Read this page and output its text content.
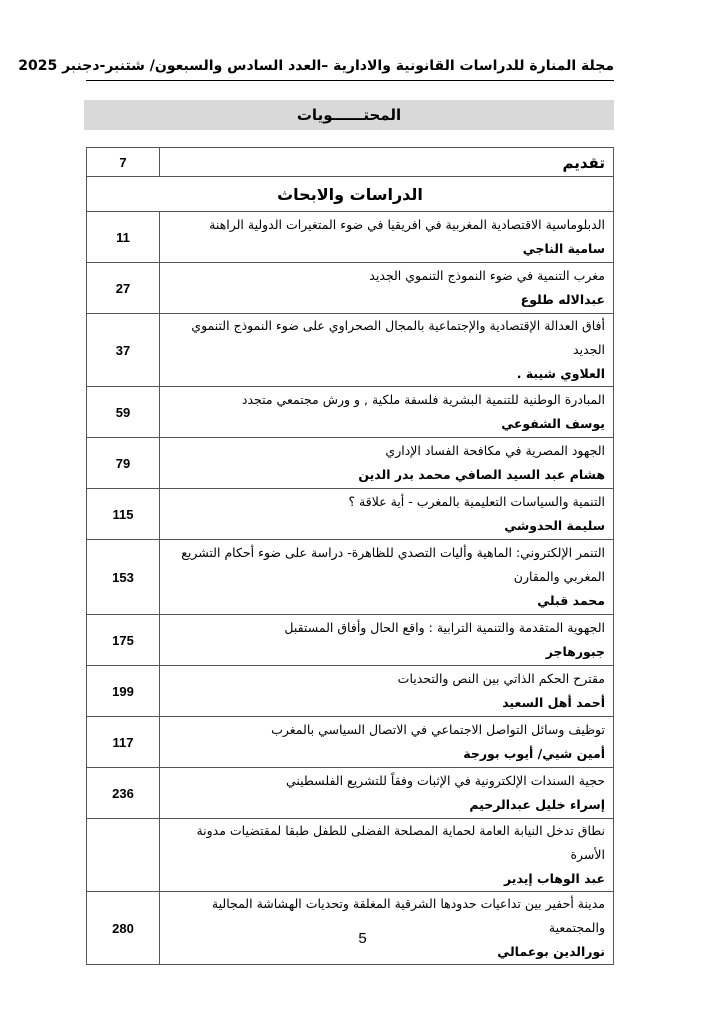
مجلة المنارة للدراسات القانونية والادارية –العدد السادس والسبعون/ شتنبر-دجنبر 2025
المحتــــــويات
تقديم	7
الدراسات والابحاث	

الدبلوماسية الاقتصادية المغربية في افريقيا في ضوء المتغيرات الدولية الراهنة
سامية الناجي	11

مغرب التنمية في ضوء النموذج التنموي الجديد
عبدالاله طلوع	27

أفاق العدالة الإقتصادية والإجتماعية بالمجال الصحراوي على ضوء النموذج التنموي الجديد
العلاوي شيبة .	37

المبادرة الوطنية للتنمية البشرية فلسفة ملكية , و ورش مجتمعي متجدد
يوسف الشفوعي	59

الجهود المصرية في مكافحة الفساد الإداري
هشام عبد السيد الصافي محمد بدر الدين	79

التنمية والسياسات التعليمية بالمغرب - أية علاقة ؟
سليمة الحدوشي	115

التنمر الإلكتروني: الماهية وأليات التصدي للظاهرة- دراسة على ضوء أحكام التشريع المغربي والمقارن
محمد قبلي	153

الجهوية المتقدمة والتنمية الترابية : واقع الحال وأفاق المستقبل
جبورهاجر	175

مقترح الحكم الذاتي بين النص والتحديات
أحمد أهل السعيد	199

توظيف وسائل التواصل الاجتماعي في الاتصال السياسي بالمغرب
أمين شيي/ أيوب بورجة	117

حجية السندات الإلكترونية في الإثبات وفقاً للتشريع الفلسطيني
إسراء خليل عبدالرحيم	236

نطاق تدخل النيابة العامة لحماية المصلحة الفضلى للطفل طبقا لمقتضيات مدونة الأسرة
عبد الوهاب إيدير	

مدينة أحفير بين تداعيات حدودها الشرقية المغلقة وتحديات الهشاشة المجالية والمجتمعية
نورالدين بوعمالي	280
5
